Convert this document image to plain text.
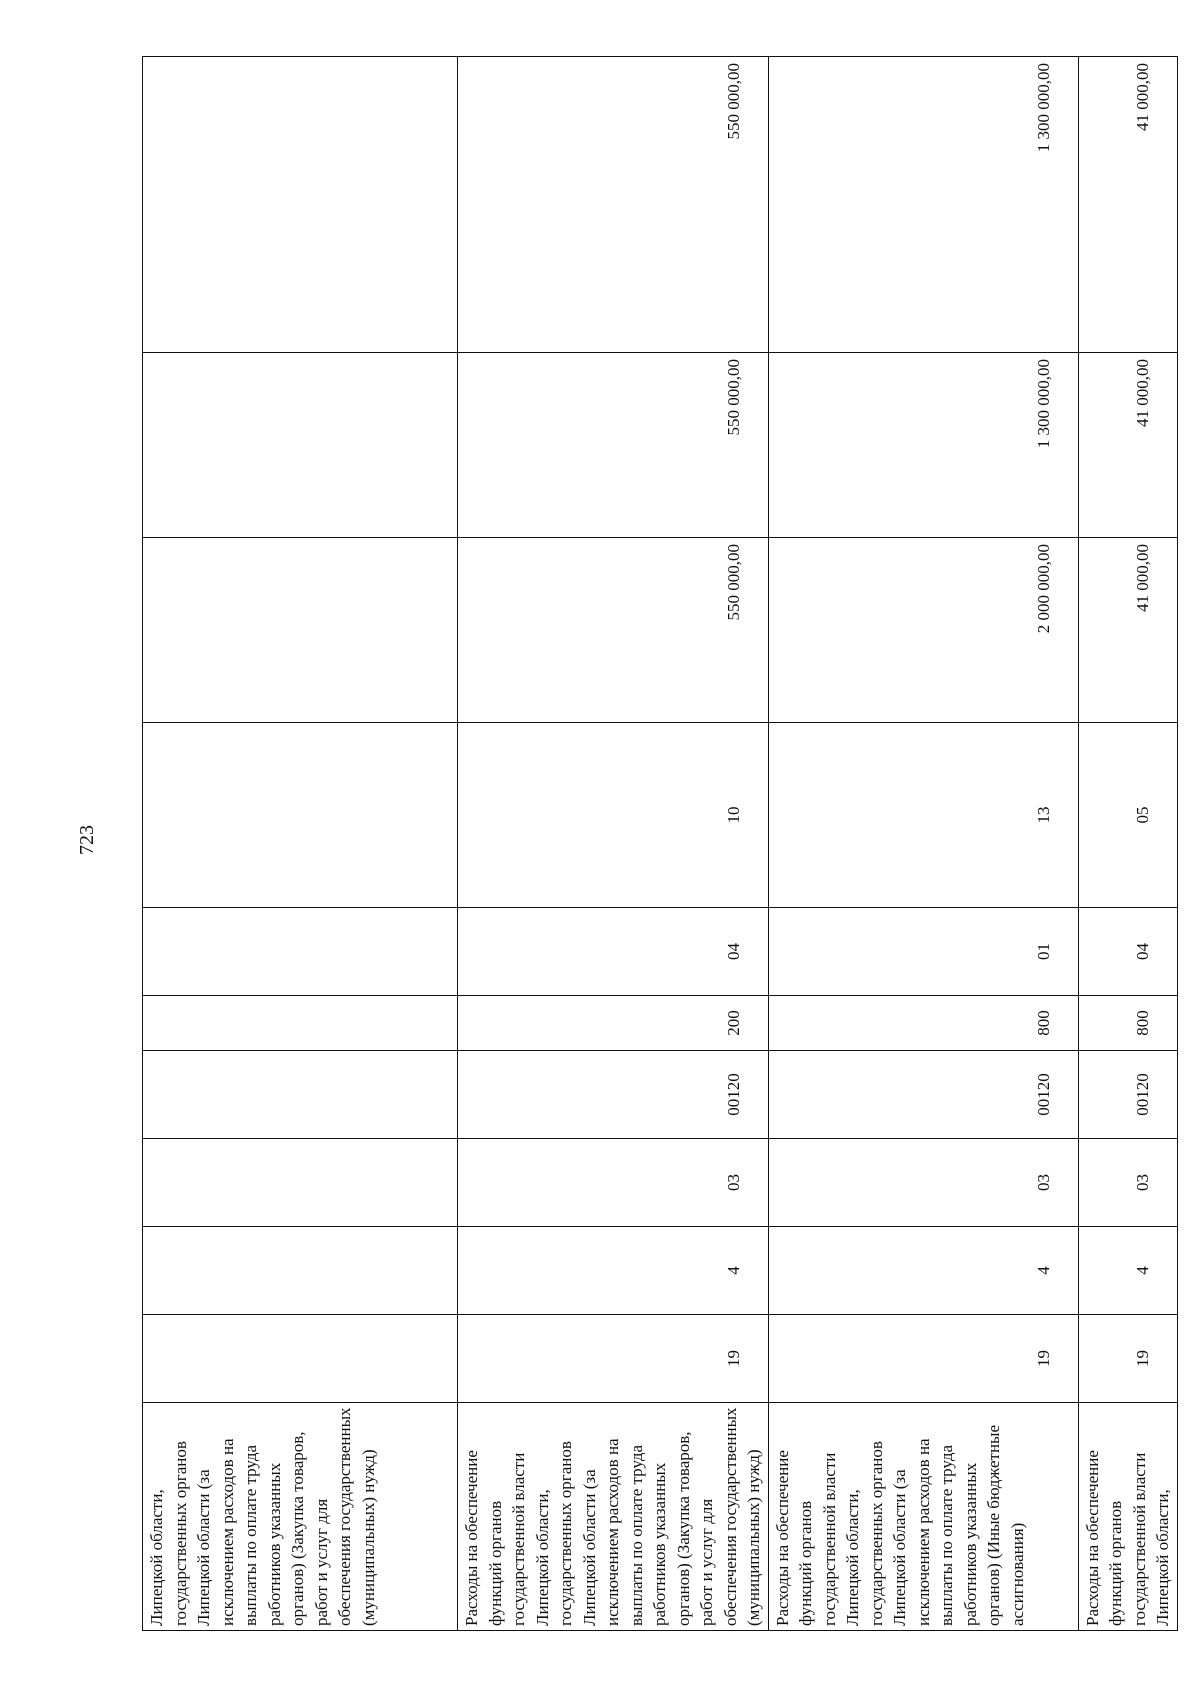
723
Липецкой области, государственных органов Липецкой области (за исключением расходов на выплаты по оплате труда работников указанных органов) (Закупка товаров, работ и услуг для обеспечения государственных (муниципальных) нужд)										
Расходы на обеспечение функций органов государственной власти Липецкой области, государственных органов Липецкой области (за исключением расходов на выплаты по оплате труда работников указанных органов) (Закупка товаров, работ и услуг для обеспечения государственных (муниципальных) нужд)	19	4	03	00120	200	04	10	550 000,00	550 000,00	550 000,00
Расходы на обеспечение функций органов государственной власти Липецкой области, государственных органов Липецкой области (за исключением расходов на выплаты по оплате труда работников указанных органов) (Иные бюджетные ассигнования)	19	4	03	00120	800	01	13	2 000 000,00	1 300 000,00	1 300 000,00
Расходы на обеспечение функций органов государственной власти Липецкой области,	19	4	03	00120	800	04	05	41 000,00	41 000,00	41 000,00
